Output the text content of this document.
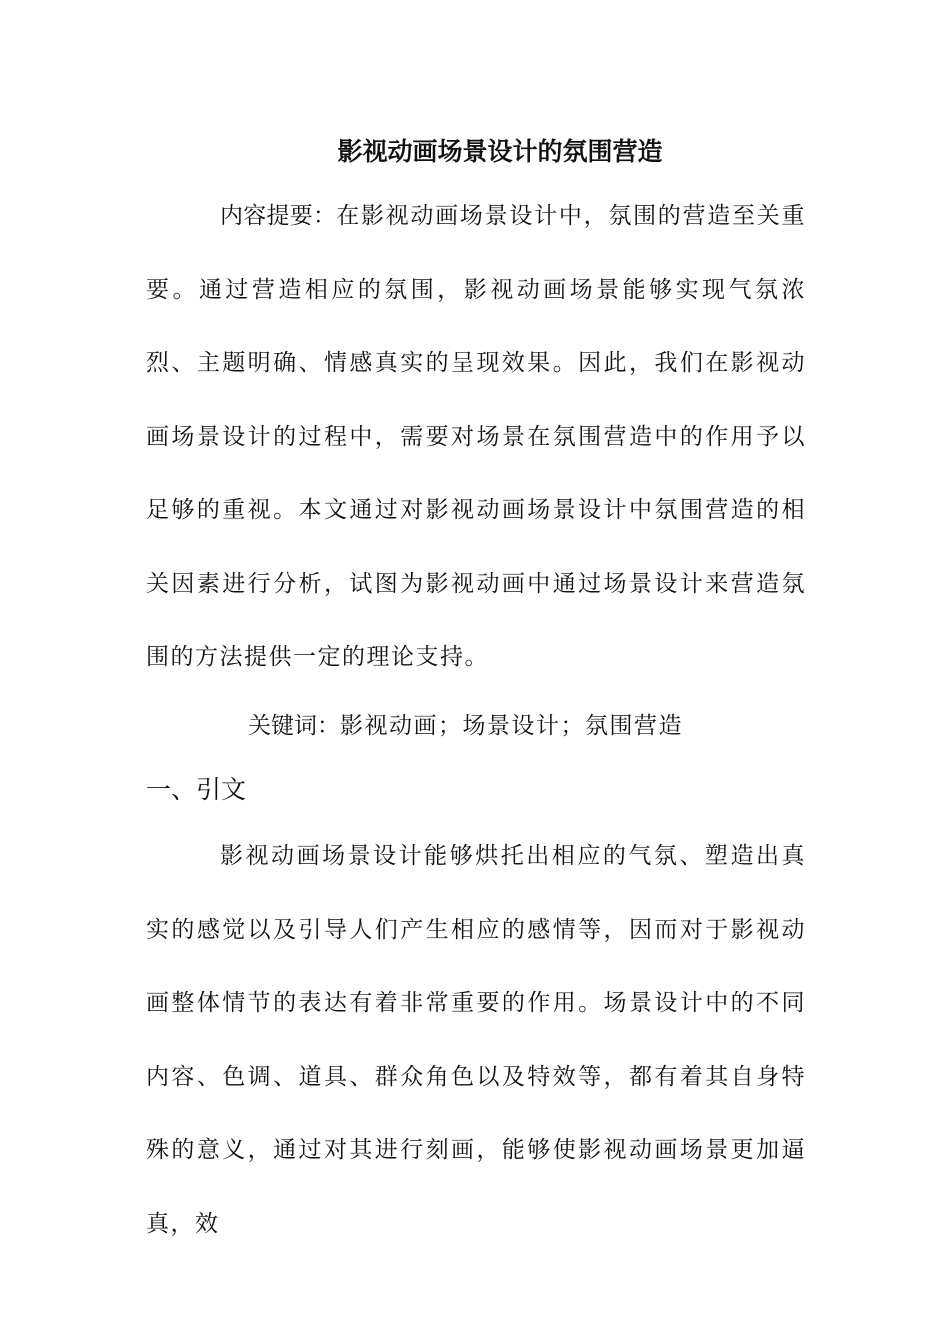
影视动画场景设计的氛围营造

内容提要：在影视动画场景设计中，氛围的营造至关重要。通过营造相应的氛围，影视动画场景能够实现气氛浓烈、主题明确、情感真实的呈现效果。因此，我们在影视动画场景设计的过程中，需要对场景在氛围营造中的作用予以足够的重视。本文通过对影视动画场景设计中氛围营造的相关因素进行分析，试图为影视动画中通过场景设计来营造氛围的方法提供一定的理论支持。

关键词：影视动画；场景设计；氛围营造

一、引文

影视动画场景设计能够烘托出相应的气氛、塑造出真实的感觉以及引导人们产生相应的感情等，因而对于影视动画整体情节的表达有着非常重要的作用。场景设计中的不同内容、色调、道具、群众角色以及特效等，都有着其自身特殊的意义，通过对其进行刻画，能够使影视动画场景更加逼真，效
